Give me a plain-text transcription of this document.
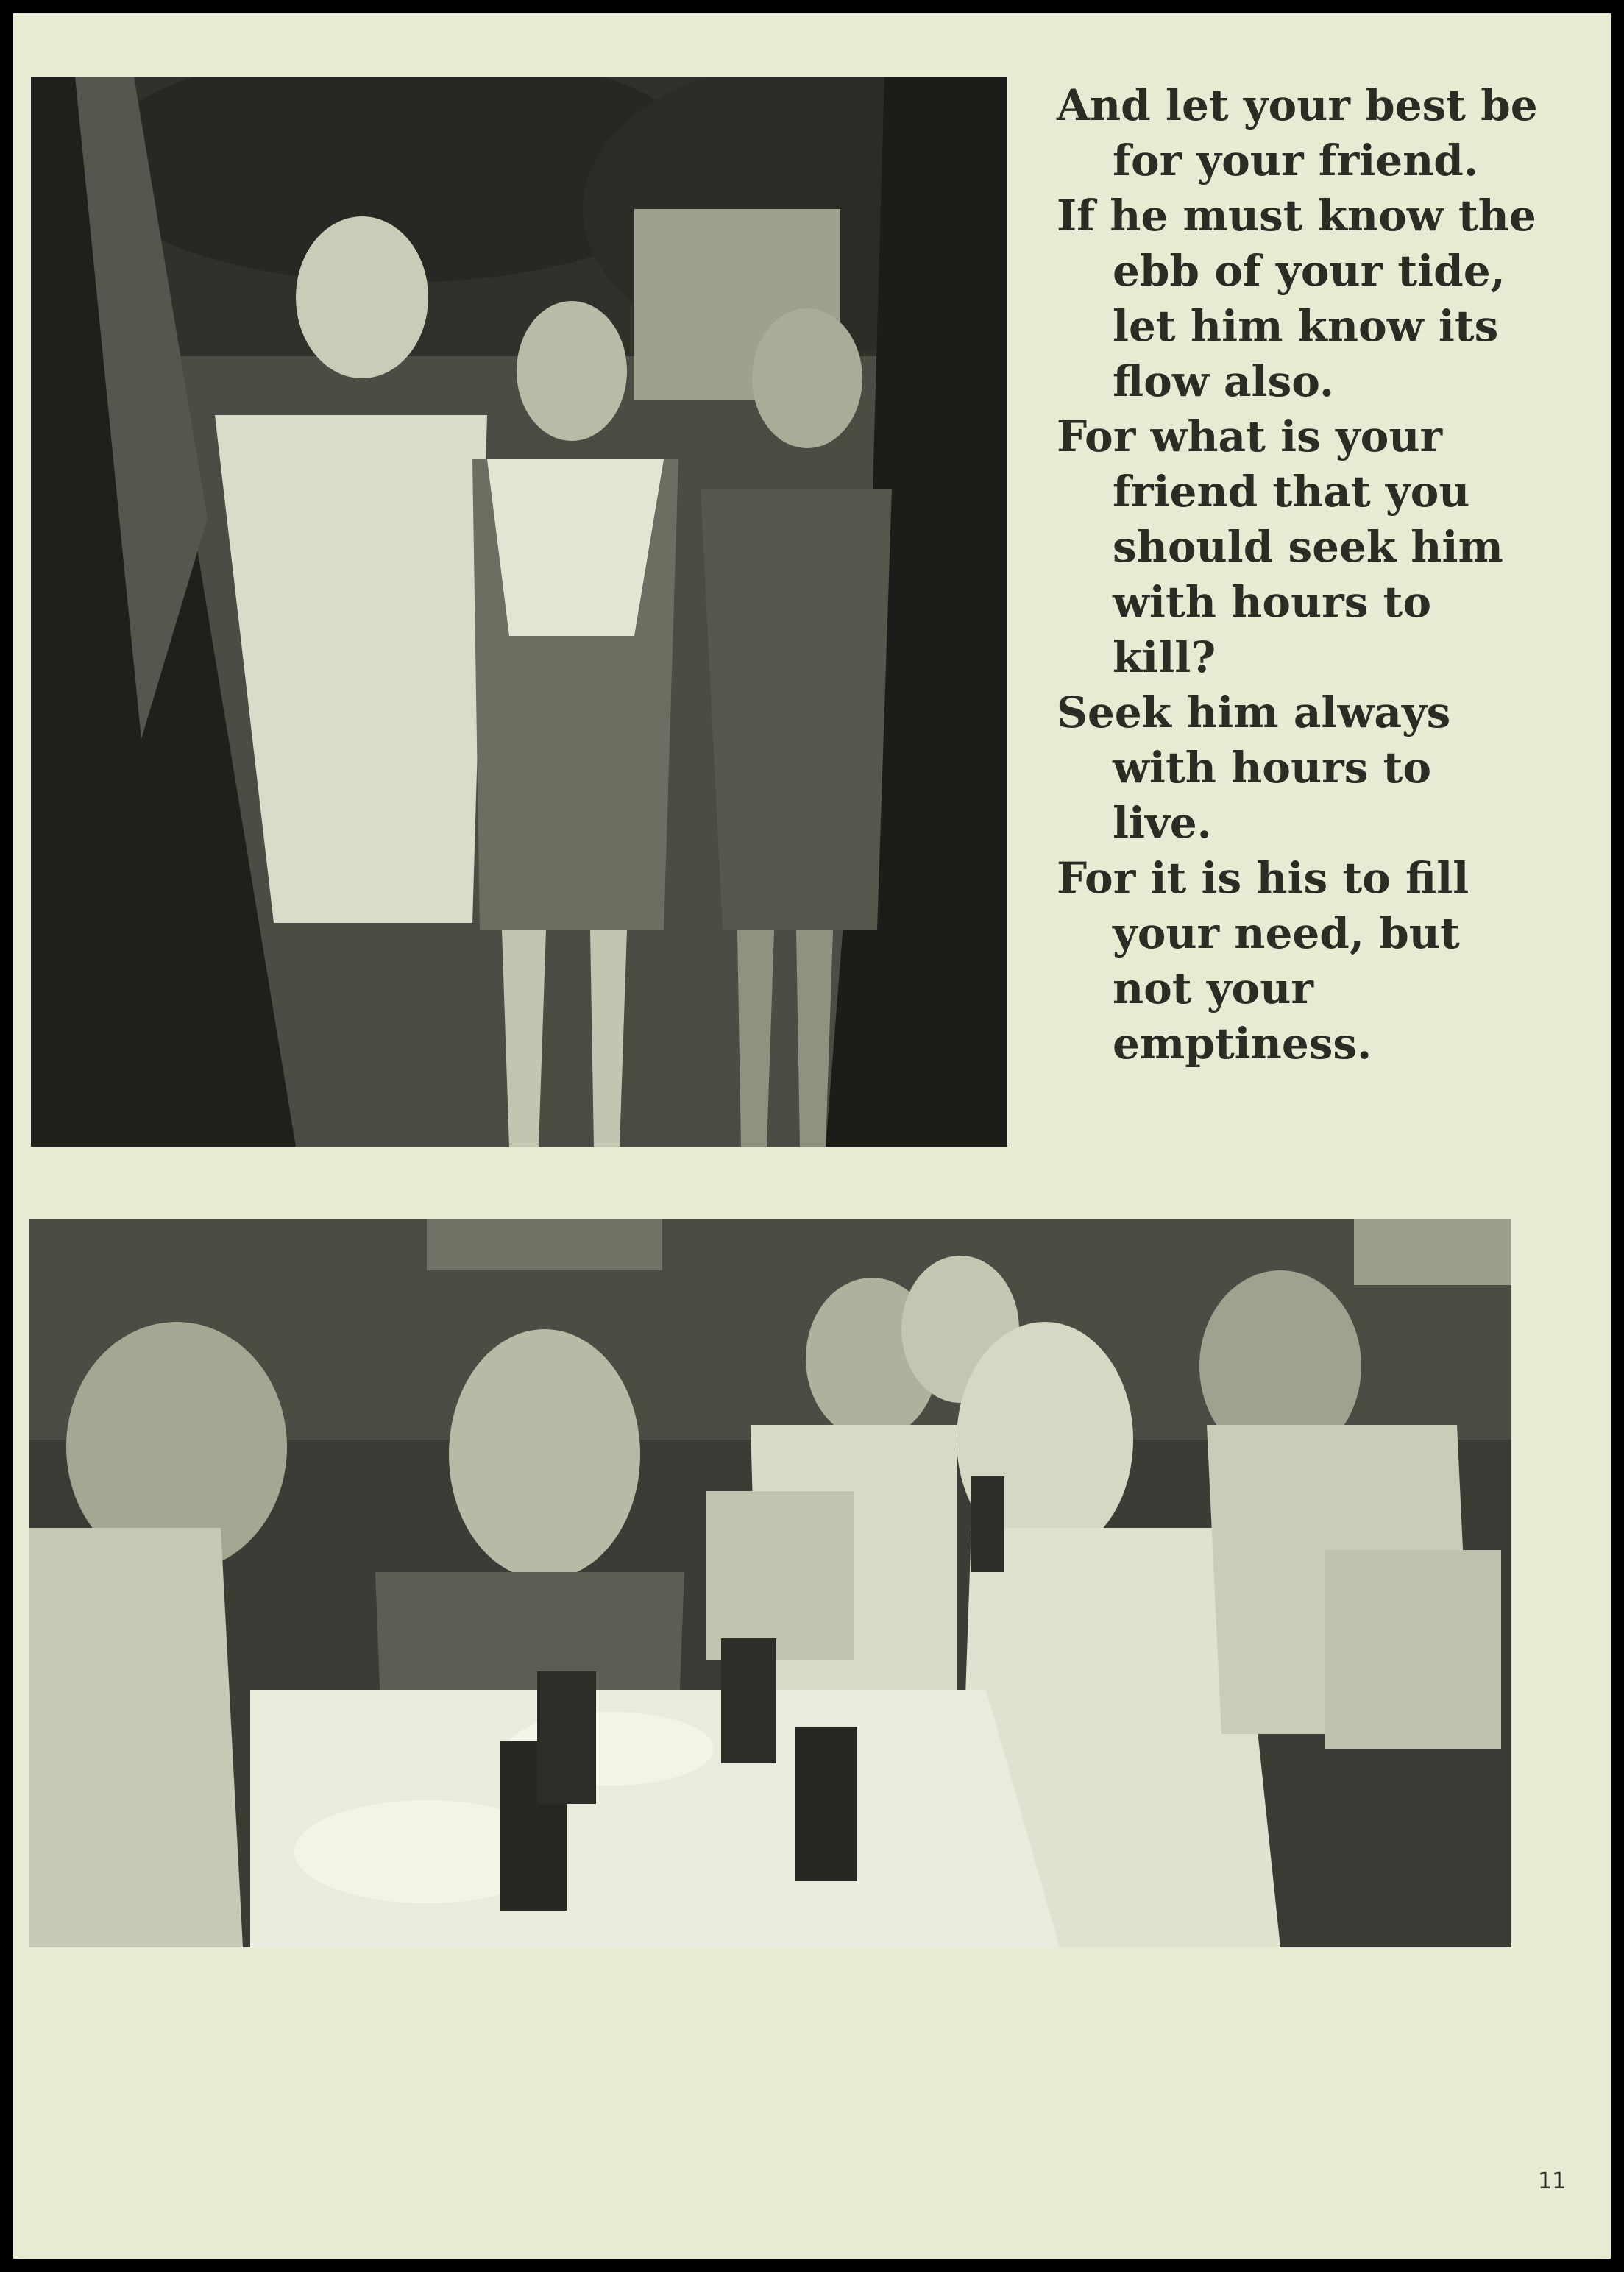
And let your best be for your friend.

If he must know the ebb of your tide, let him know its flow also.

For what is your friend that you should seek him with hours to kill?

Seek him always with hours to live.

For it is his to fill your need, but not your emptiness.

11
